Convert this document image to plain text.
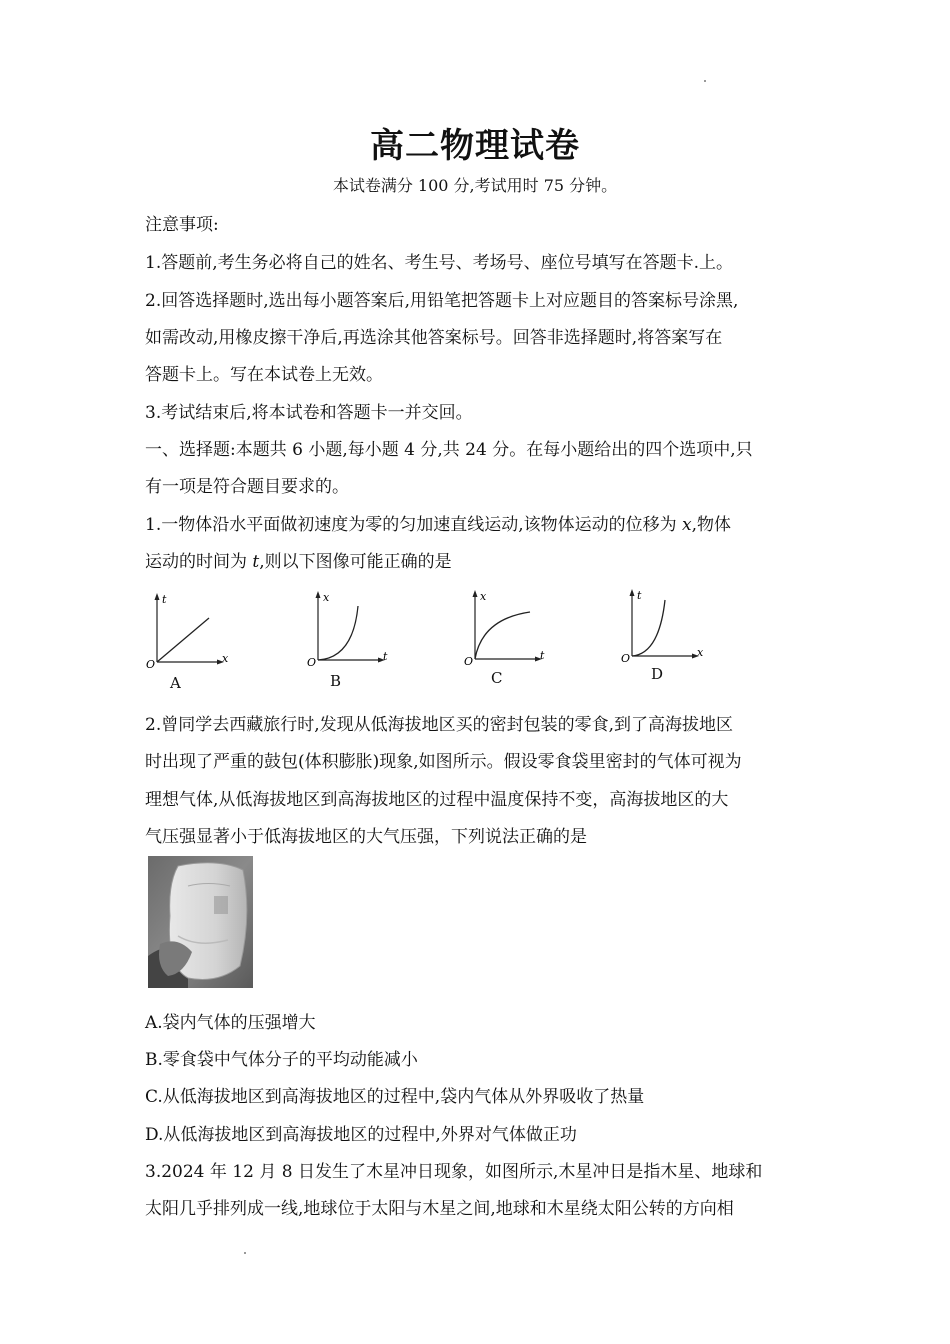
高二物理试卷
本试卷满分 100 分,考试用时 75 分钟。
注意事项:
1.答题前,考生务必将自己的姓名、考生号、考场号、座位号填写在答题卡.上。
2.回答选择题时,选出每小题答案后,用铅笔把答题卡上对应题目的答案标号涂黑,
如需改动,用橡皮擦干净后,再选涂其他答案标号。回答非选择题时,将答案写在
答题卡上。写在本试卷上无效。
3.考试结束后,将本试卷和答题卡一并交回。
一、选择题:本题共 6 小题,每小题 4 分,共 24 分。在每小题给出的四个选项中,只
有一项是符合题目要求的。
1.一物体沿水平面做初速度为零的匀加速直线运动,该物体运动的位移为 x,物体
运动的时间为 t,则以下图像可能正确的是
t
x
O
A
x
t
O
B
x
t
O
C
t
x
O
D
2.曾同学去西藏旅行时,发现从低海拔地区买的密封包装的零食,到了高海拔地区
时出现了严重的鼓包(体积膨胀)现象,如图所示。假设零食袋里密封的气体可视为
理想气体,从低海拔地区到高海拔地区的过程中温度保持不变，高海拔地区的大
气压强显著小于低海拔地区的大气压强，下列说法正确的是
A.袋内气体的压强增大
B.零食袋中气体分子的平均动能减小
C.从低海拔地区到高海拔地区的过程中,袋内气体从外界吸收了热量
D.从低海拔地区到高海拔地区的过程中,外界对气体做正功
3.2024 年 12 月 8 日发生了木星冲日现象，如图所示,木星冲日是指木星、地球和
太阳几乎排列成一线,地球位于太阳与木星之间,地球和木星绕太阳公转的方向相
